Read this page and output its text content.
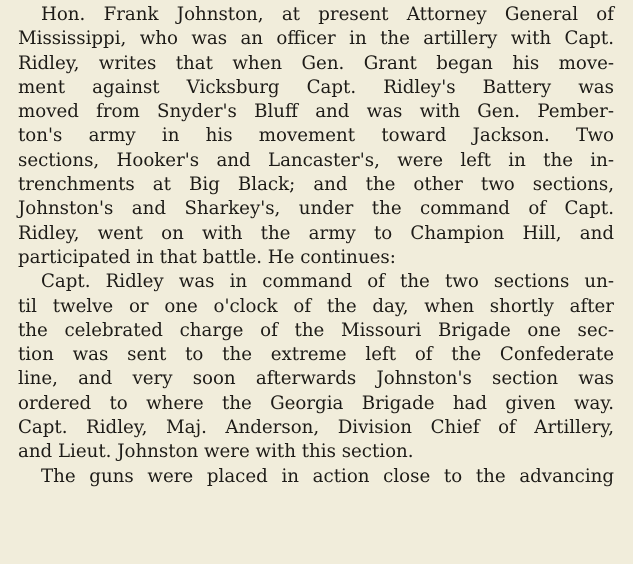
Hon. Frank Johnston, at present Attorney General of
Mississippi, who was an officer in the artillery with Capt.
Ridley, writes that when Gen. Grant began his move-
ment against Vicksburg Capt. Ridley's Battery was
moved from Snyder's Bluff and was with Gen. Pember-
ton's army in his movement toward Jackson. Two
sections, Hooker's and Lancaster's, were left in the in-
trenchments at Big Black; and the other two sections,
Johnston's and Sharkey's, under the command of Capt.
Ridley, went on with the army to Champion Hill, and
participated in that battle. He continues:
Capt. Ridley was in command of the two sections un-
til twelve or one o'clock of the day, when shortly after
the celebrated charge of the Missouri Brigade one sec-
tion was sent to the extreme left of the Confederate
line, and very soon afterwards Johnston's section was
ordered to where the Georgia Brigade had given way.
Capt. Ridley, Maj. Anderson, Division Chief of Artillery,
and Lieut. Johnston were with this section.
The guns were placed in action close to the advancing
